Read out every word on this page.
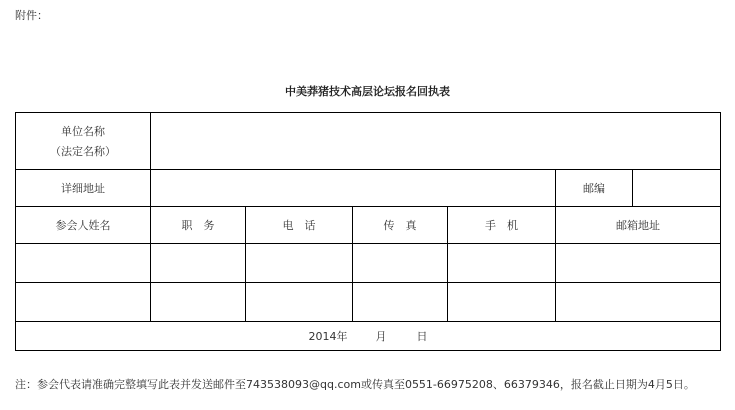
附件：
中美莽猪技术高层论坛报名回执表
单位名称
（法定名称）						

详细地址					邮编	
参会人姓名	职　务	电　话	传　真	手　机	邮箱地址	

2014年 月 日						
注：参会代表请准确完整填写此表并发送邮件至743538093@qq.com或传真至0551-66975208、66379346，报名截止日期为4月5日。
